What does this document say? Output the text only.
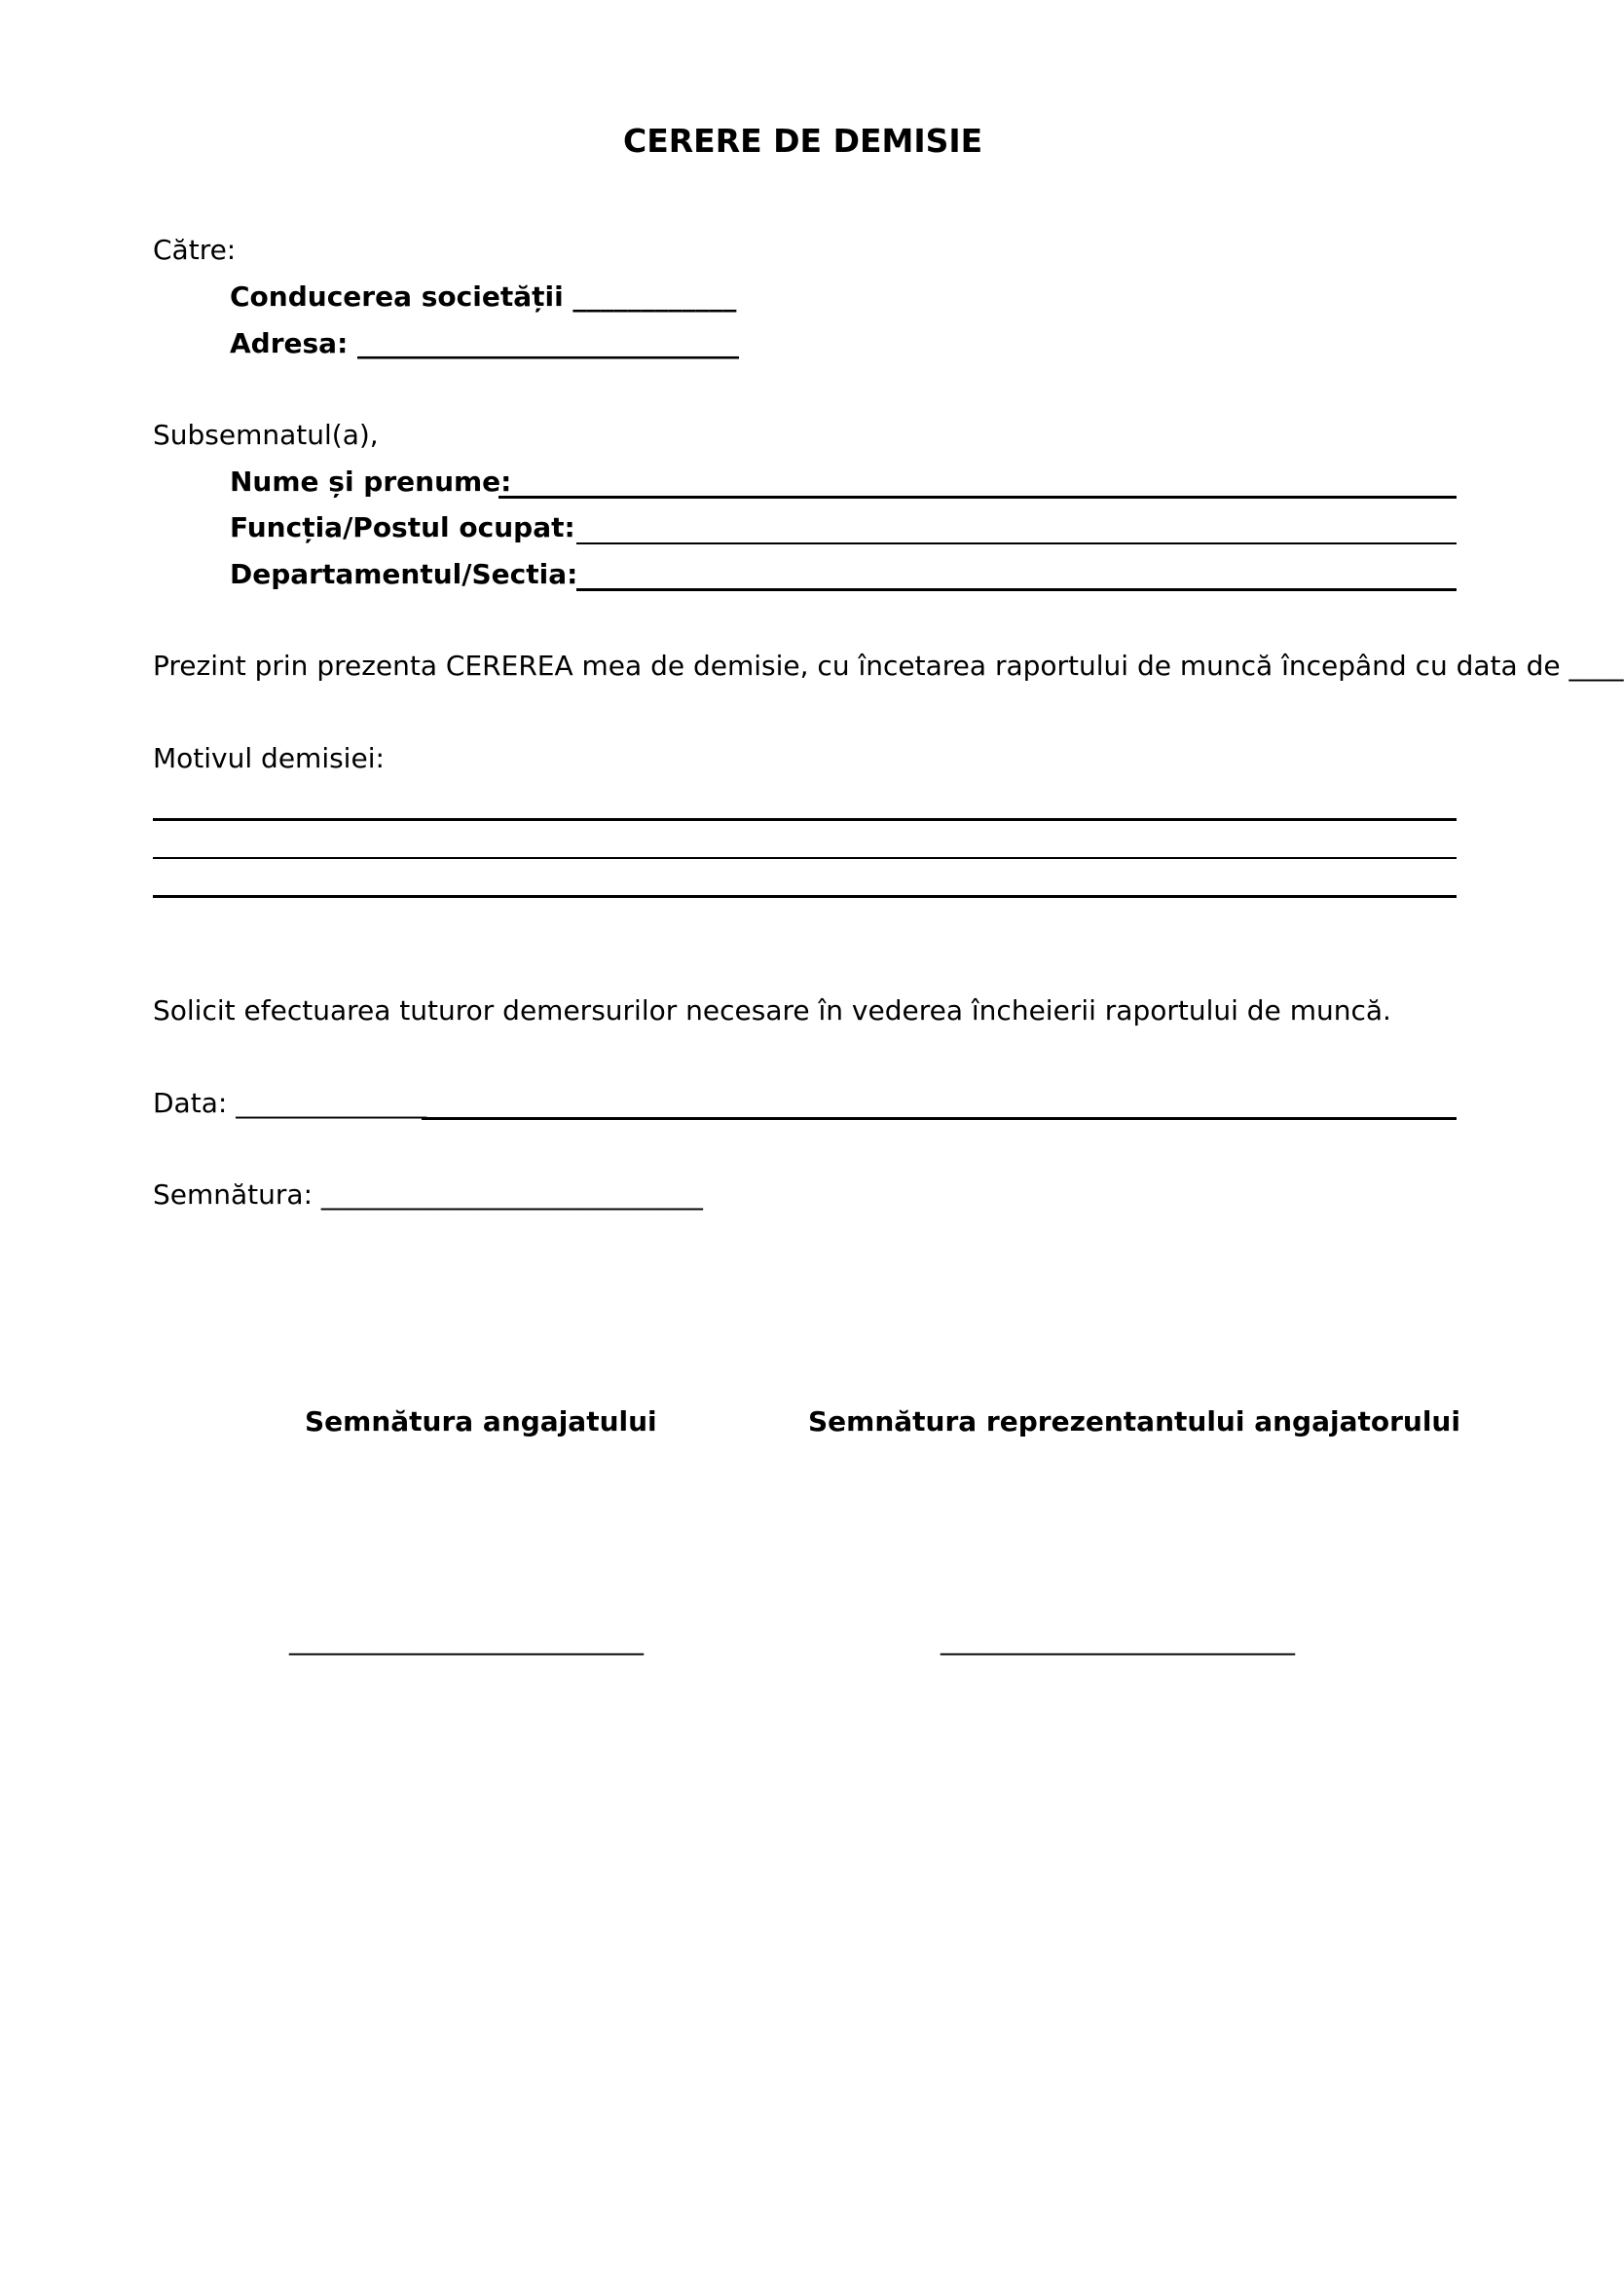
CERERE DE DEMISIE
Către:
Conducerea societății ____________
Adresa: ____________________________
Subsemnatul(a),
Nume și prenume:
Funcția/Postul ocupat:
Departamentul/Sectia:
Prezint prin prezenta CEREREA mea de demisie, cu încetarea raportului de muncă începând cu data de ____
Motivul demisiei:
Solicit efectuarea tuturor demersurilor necesare în vederea încheierii raportului de muncă.
Data: ______________
Semnătura: ____________________________
Semnătura angajatului	Semnătura reprezentantului angajatorului
__________________________	__________________________
